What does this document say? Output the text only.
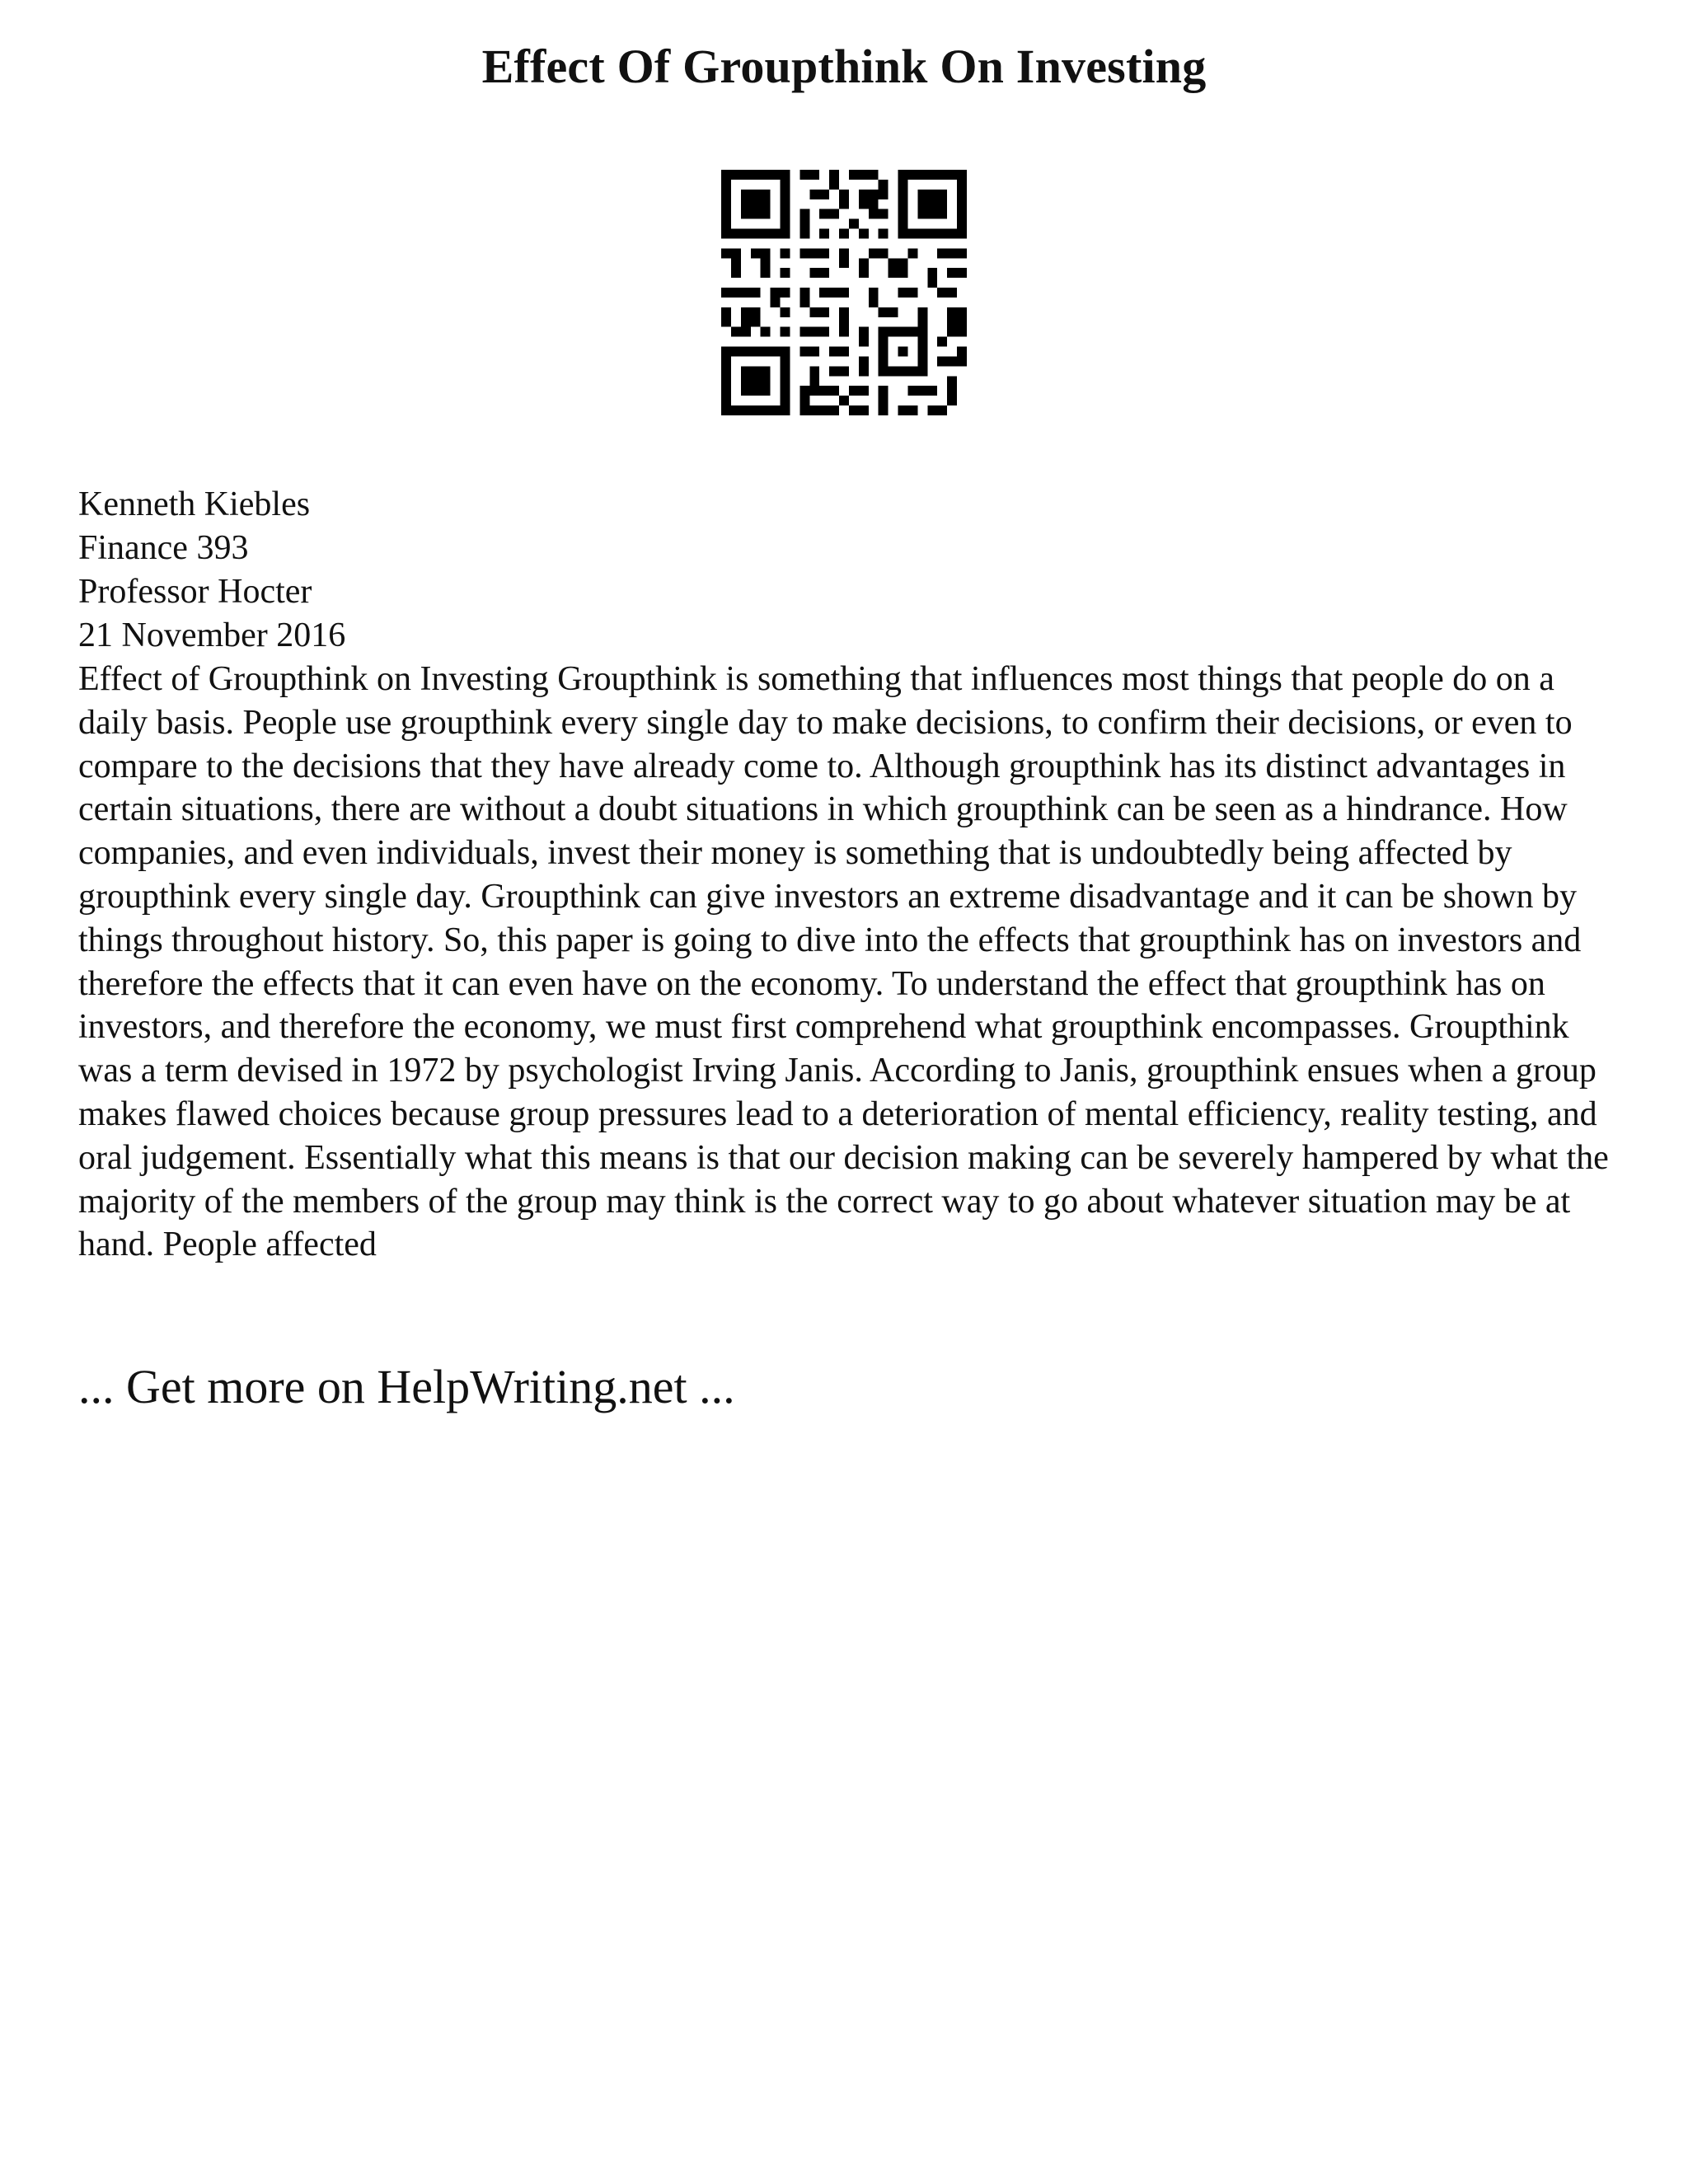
Effect Of Groupthink On Investing
Kenneth Kiebles
Finance 393
Professor Hocter
21 November 2016

Effect of Groupthink on Investing Groupthink is something that influences most things that people do on a daily basis. People use groupthink every single day to make decisions, to confirm their decisions, or even to compare to the decisions that they have already come to. Although groupthink has its distinct advantages in certain situations, there are without a doubt situations in which groupthink can be seen as a hindrance. How companies, and even individuals, invest their money is something that is undoubtedly being affected by groupthink every single day. Groupthink can give investors an extreme disadvantage and it can be shown by things throughout history. So, this paper is going to dive into the effects that groupthink has on investors and therefore the effects that it can even have on the economy. To understand the effect that groupthink has on investors, and therefore the economy, we must first comprehend what groupthink encompasses. Groupthink was a term devised in 1972 by psychologist Irving Janis. According to Janis, groupthink ensues when a group makes flawed choices because group pressures lead to a deterioration of mental efficiency, reality testing, and oral judgement. Essentially what this means is that our decision making can be severely hampered by what the majority of the members of the group may think is the correct way to go about whatever situation may be at hand. People affected

... Get more on HelpWriting.net ...
